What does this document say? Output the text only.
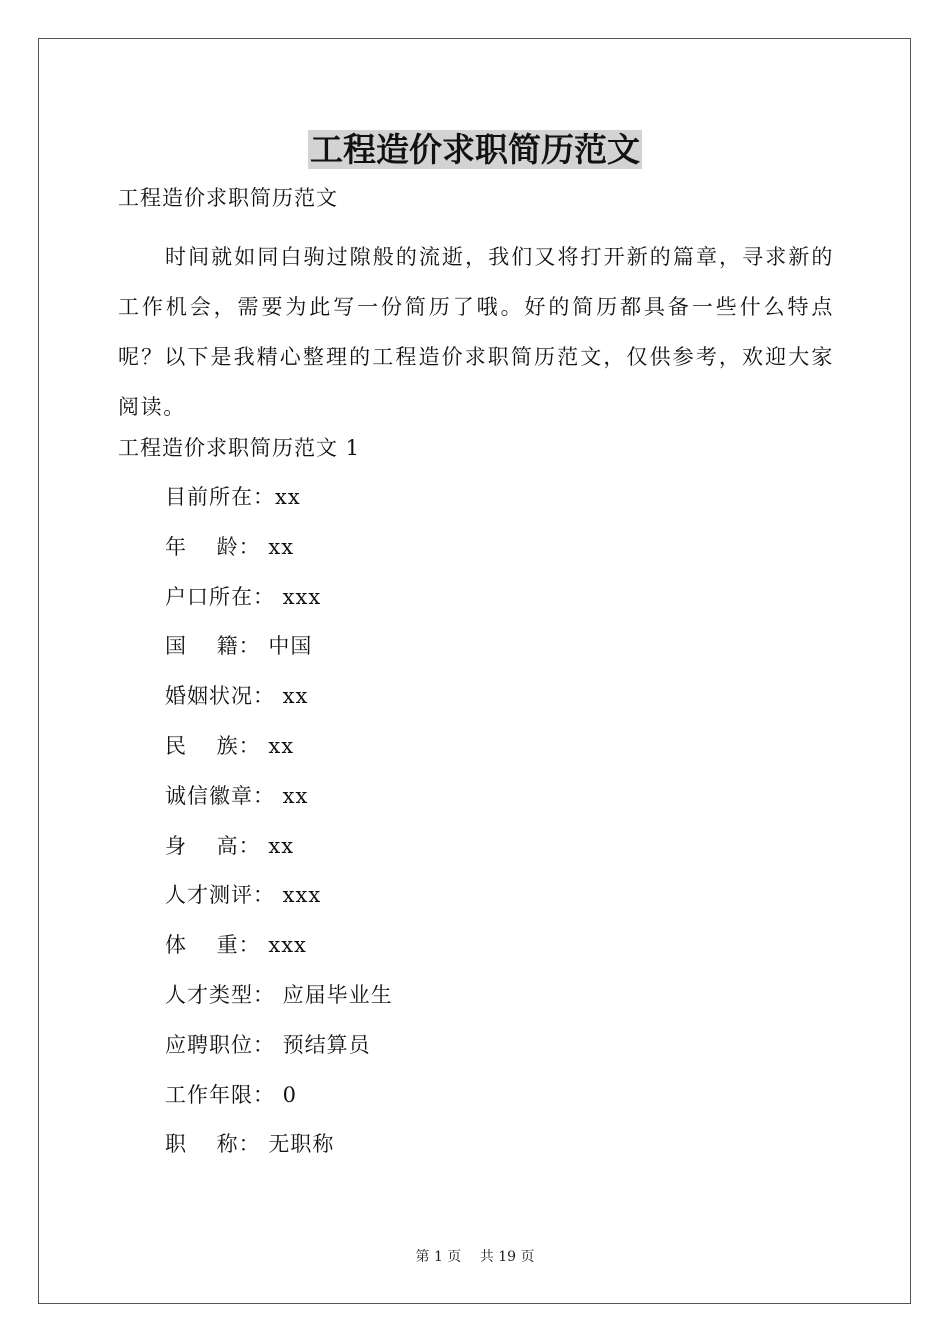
工程造价求职简历范文
工程造价求职简历范文

时间就如同白驹过隙般的流逝，我们又将打开新的篇章，寻求新的工作机会，需要为此写一份简历了哦。好的简历都具备一些什么特点呢？以下是我精心整理的工程造价求职简历范文，仅供参考，欢迎大家阅读。

工程造价求职简历范文 1
目前所在：xx
年　 龄： xx
户口所在： xxx
国　 籍： 中国
婚姻状况： xx
民　 族： xx
诚信徽章： xx
身　 高： xx
人才测评： xxx
体　 重： xxx
人才类型： 应届毕业生
应聘职位： 预结算员
工作年限： 0
职　 称： 无职称
第 1 页 共 19 页
